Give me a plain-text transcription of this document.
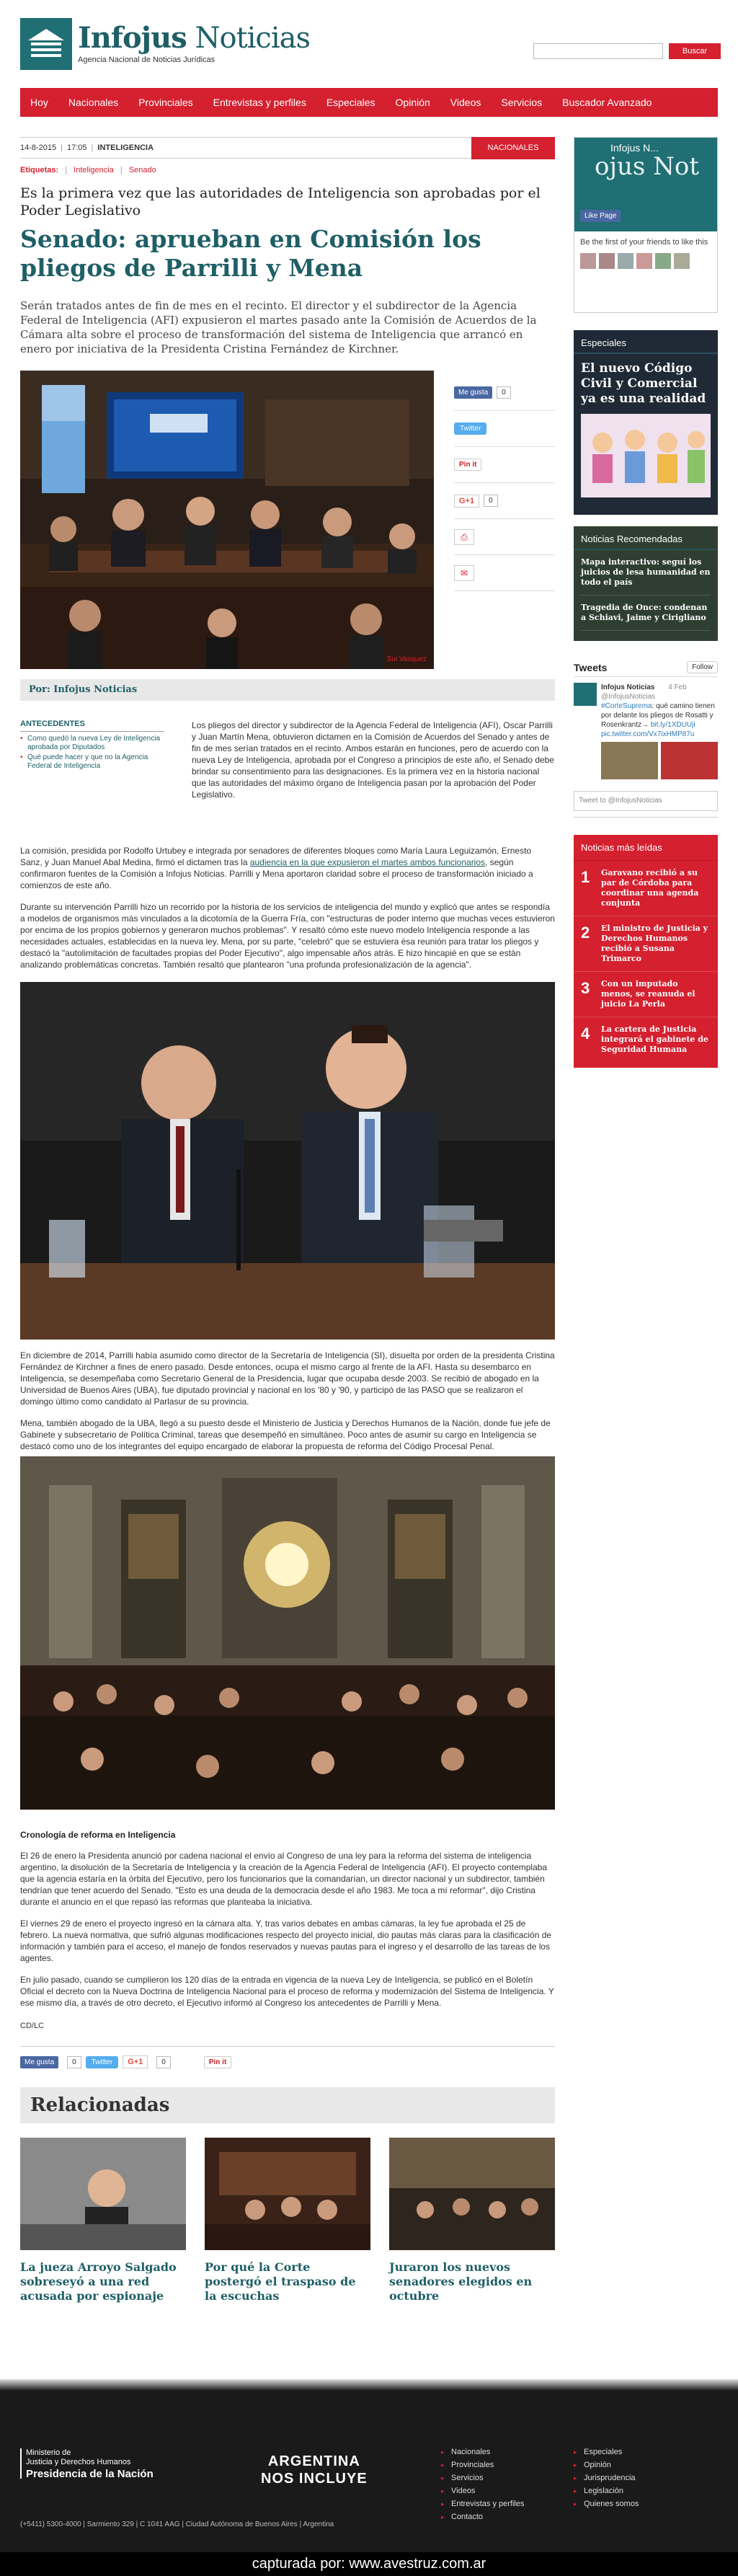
Infojus Noticias
Agencia Nacional de Noticias Jurídicas
Buscar
Hoy	Nacionales	Provinciales	Entrevistas y perfiles	Especiales	Opinión	Videos	Servicios	Buscador Avanzado
14-8-2015 | 17:05 | INTELIGENCIA	NACIONALES
Etiquetas: | Inteligencia | Senado
Es la primera vez que las autoridades de Inteligencia son aprobadas por el Poder Legislativo
Senado: aprueban en Comisión los pliegos de Parrilli y Mena

Serán tratados antes de fin de mes en el recinto. El director y el subdirector de la Agencia Federal de Inteligencia (AFI) expusieron el martes pasado ante la Comisión de Acuerdos de la Cámara alta sobre el proceso de transformación del sistema de Inteligencia que arrancó en enero por iniciativa de la Presidenta Cristina Fernández de Kirchner.

Sui Vasquez
Me gusta	0
Twitter
Pin it
G+1	0
⎙
✉
Por: Infojus Noticias
ANTECEDENTES
• Como quedó la nueva Ley de Inteligencia aprobada por Diputados
• Qué puede hacer y que no la Agencia Federal de Inteligencia

Los pliegos del director y subdirector de la Agencia Federal de Inteligencia (AFI), Oscar Parrilli y Juan Martín Mena, obtuvieron dictamen en la Comisión de Acuerdos del Senado y antes de fin de mes serían tratados en el recinto. Ambos estarán en funciones, pero de acuerdo con la nueva Ley de Inteligencia, aprobada por el Congreso a principios de este año, el Senado debe brindar su consentimiento para las designaciones. Es la primera vez en la historia nacional que las autoridades del máximo órgano de Inteligencia pasan por la aprobación del Poder Legislativo.

La comisión, presidida por Rodolfo Urtubey e integrada por senadores de diferentes bloques como María Laura Leguizamón, Ernesto Sanz, y Juan Manuel Abal Medina, firmó el dictamen tras la audiencia en la que expusieron el martes ambos funcionarios, según confirmaron fuentes de la Comisión a Infojus Noticias. Parrilli y Mena aportaron claridad sobre el proceso de transformación iniciado a comienzos de este año.

Durante su intervención Parrilli hizo un recorrido por la historia de los servicios de inteligencia del mundo y explicó que antes se respondía a modelos de organismos más vinculados a la dicotomía de la Guerra Fría, con "estructuras de poder interno que muchas veces estuvieron por encima de los propios gobiernos y generaron muchos problemas". Y resaltó cómo este nuevo modelo Inteligencia responde a las necesidades actuales, establecidas en la nueva ley. Mena, por su parte, "celebró" que se estuviera ésa reunión para tratar los pliegos y destacó la "autolimitación de facultades propias del Poder Ejecutivo", algo impensable años atrás. E hizo hincapié en que se están analizando problemáticas concretas. También resaltó que plantearon "una profunda profesionalización de la agencia".

En diciembre de 2014, Parrilli había asumido como director de la Secretaría de Inteligencia (SI), disuelta por orden de la presidenta Cristina Fernández de Kirchner a fines de enero pasado. Desde entonces, ocupa el mismo cargo al frente de la AFI. Hasta su desembarco en Inteligencia, se desempeñaba como Secretario General de la Presidencia, lugar que ocupaba desde 2003. Se recibió de abogado en la Universidad de Buenos Aires (UBA), fue diputado provincial y nacional en los '80 y '90, y participó de las PASO que se realizaron el domingo último como candidato al Parlasur de su provincia.

Mena, también abogado de la UBA, llegó a su puesto desde el Ministerio de Justicia y Derechos Humanos de la Nación, donde fue jefe de Gabinete y subsecretario de Política Criminal, tareas que desempeñó en simultáneo. Poco antes de asumir su cargo en Inteligencia se destacó como uno de los integrantes del equipo encargado de elaborar la propuesta de reforma del Código Procesal Penal.

Cronología de reforma en Inteligencia

El 26 de enero la Presidenta anunció por cadena nacional el envío al Congreso de una ley para la reforma del sistema de inteligencia argentino, la disolución de la Secretaría de Inteligencia y la creación de la Agencia Federal de Inteligencia (AFI). El proyecto contemplaba que la agencia estaría en la órbita del Ejecutivo, pero los funcionarios que la comandarían, un director nacional y un subdirector, también tendrían que tener acuerdo del Senado. "Esto es una deuda de la democracia desde el año 1983. Me toca a mí reformar", dijo Cristina durante el anuncio en el que repasó las reformas que planteaba la iniciativa.

El viernes 29 de enero el proyecto ingresó en la cámara alta. Y, tras varios debates en ambas cámaras, la ley fue aprobada el 25 de febrero. La nueva normativa, que sufrió algunas modificaciones respecto del proyecto inicial, dio pautas más claras para la clasificación de información y también para el acceso, el manejo de fondos reservados y nuevas pautas para el ingreso y el desarrollo de las tareas de los agentes.

En julio pasado, cuando se cumplieron los 120 días de la entrada en vigencia de la nueva Ley de Inteligencia, se publicó en el Boletín Oficial el decreto con la Nueva Doctrina de Inteligencia Nacional para el proceso de reforma y modernización del Sistema de Inteligencia. Y ese mismo día, a través de otro decreto, el Ejecutivo informó al Congreso los antecedentes de Parrilli y Mena.

CD/LC
Me gusta	0	Twitter	G+1	0	Pin it
Relacionadas
La jueza Arroyo Salgado sobreseyó a una red acusada por espionaje
Por qué la Corte postergó el traspaso de la escuchas
Juraron los nuevos senadores elegidos en octubre
Infojus N...
ojus Not
Like Page
Be the first of your friends to like this
Especiales
El nuevo Código Civil y Comercial ya es una realidad
Noticias Recomendadas
Mapa interactivo: seguí los juicios de lesa humanidad en todo el país
Tragedia de Once: condenan a Schiavi, Jaime y Cirigliano
Tweets	Follow
Infojus Noticias 4 Feb
@InfojusNoticias
#CorteSuprema: qué camino tienen por delante los pliegos de Rosatti y Rosenkrantz→ bit.ly/1XDUUji pic.twitter.com/Vx7ixHMP87u
Tweet to @InfojusNoticias
Noticias más leídas
1	Garavano recibió a su par de Córdoba para coordinar una agenda conjunta
2	El ministro de Justicia y Derechos Humanos recibió a Susana Trimarco
3	Con un imputado menos, se reanuda el juicio La Perla
4	La cartera de Justicia integrará el gabinete de Seguridad Humana
Ministerio de
Justicia y Derechos Humanos
Presidencia de la Nación
ARGENTINA
NOS INCLUYE
▸ Nacionales
▸ Provinciales
▸ Servicios
▸ Videos
▸ Entrevistas y perfiles
▸ Contacto
▸ Especiales
▸ Opinión
▸ Jurisprudencia
▸ Legislación
▸ Quienes somos
(+5411) 5300-4000 | Sarmiento 329 | C 1041 AAG | Ciudad Autónoma de Buenos Aires | Argentina
capturada por: www.avestruz.com.ar
